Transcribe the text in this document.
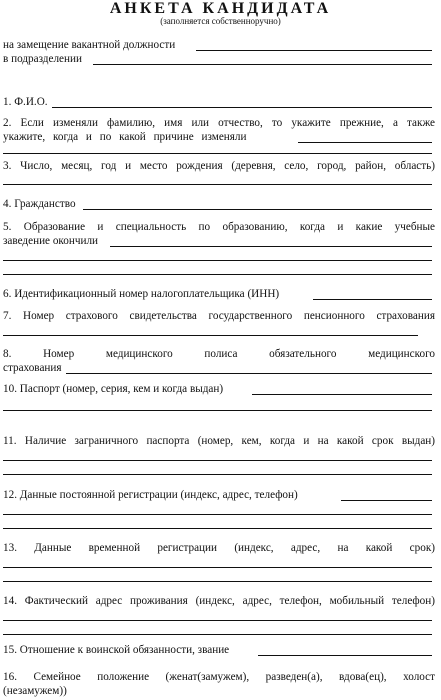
АНКЕТА КАНДИДАТА
(заполняется собственноручно)
на замещение вакантной должности
в подразделении
1. Ф.И.О.
2. Если изменяли фамилию, имя или отчество, то укажите прежние, а также
укажите, когда и по какой причине изменяли
3. Число, месяц, год и место рождения (деревня, село, город, район, область)
4. Гражданство
5. Образование и специальность по образованию, когда и какие учебные
заведение окончили
6. Идентификационный номер налогоплательщика (ИНН)
7. Номер страхового свидетельства государственного пенсионного страхования
8. Номер медицинского полиса обязательного медицинского
страхования
10. Паспорт (номер, серия, кем и когда выдан)
11. Наличие заграничного паспорта (номер, кем, когда и на какой срок выдан)
12. Данные постоянной регистрации (индекс, адрес, телефон)
13. Данные временной регистрации (индекс, адрес, на какой срок)
14. Фактический адрес проживания (индекс, адрес, телефон, мобильный телефон)
15. Отношение к воинской обязанности, звание
16. Семейное положение (женат(замужем), разведен(а), вдова(ец), холост
(незамужем))
